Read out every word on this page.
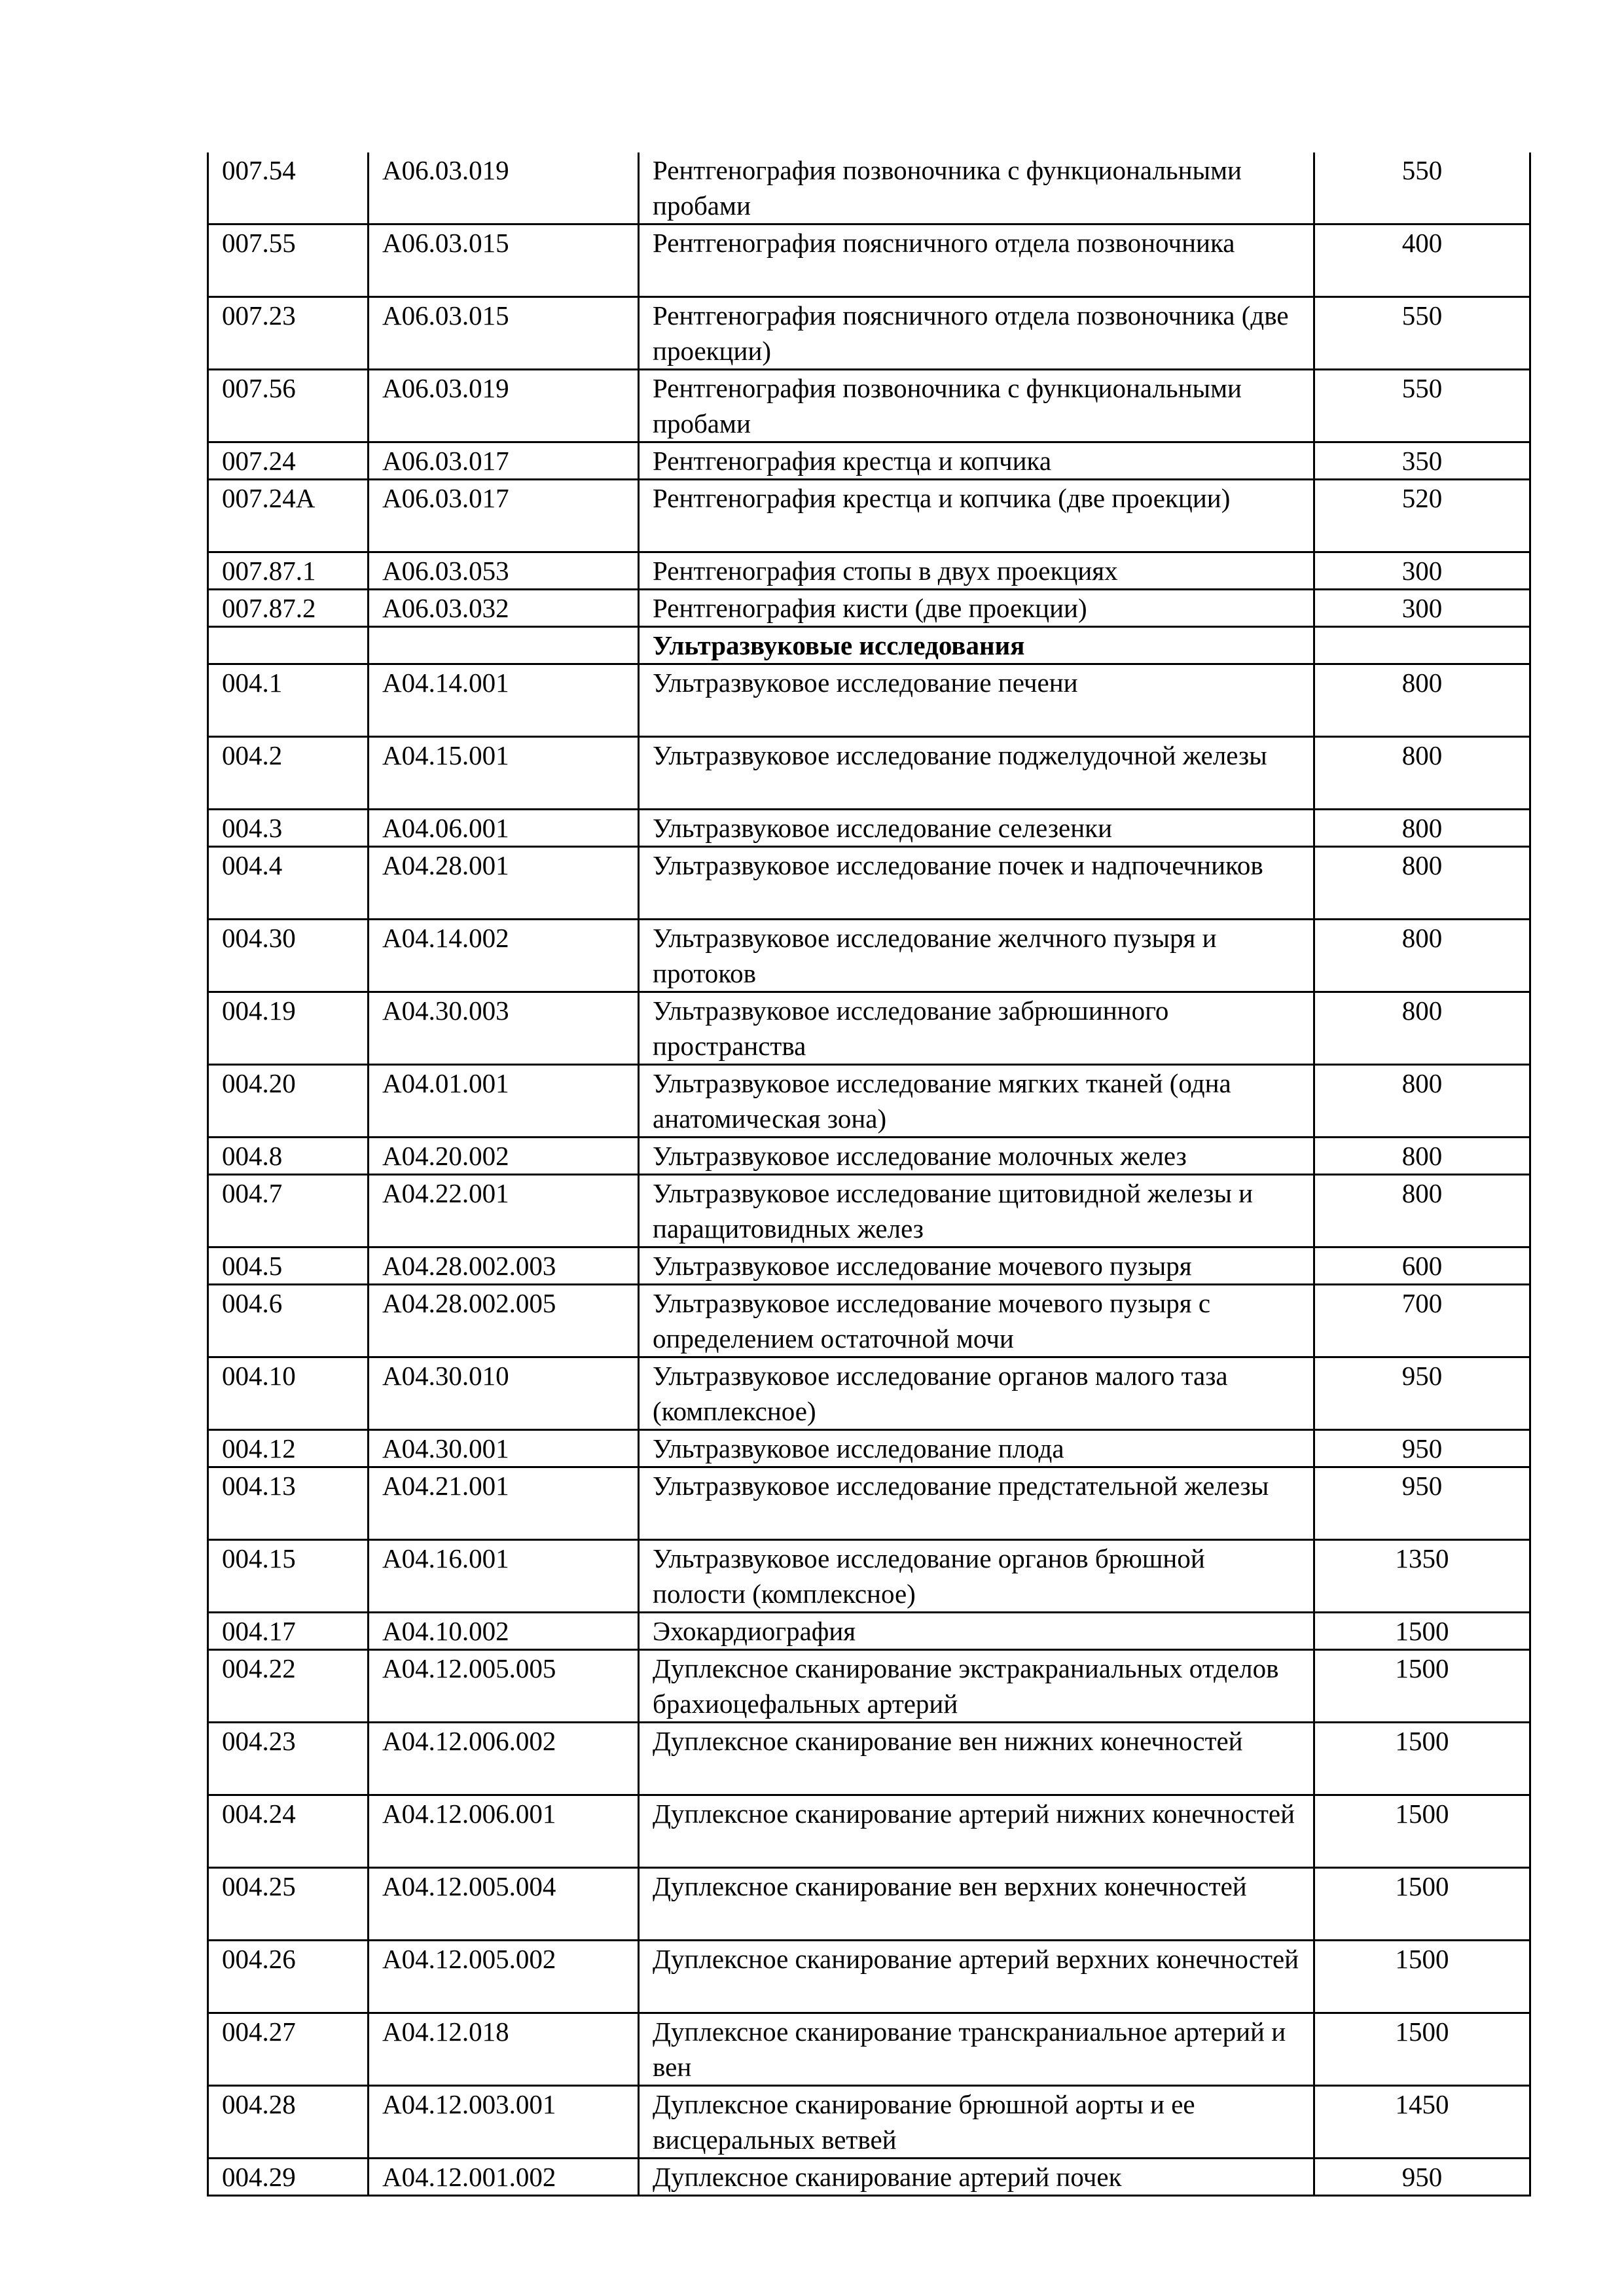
007.54	А06.03.019	Рентгенография позвоночника с функциональными пробами	550
007.55	А06.03.015	Рентгенография поясничного отдела позвоночника	400
007.23	А06.03.015	Рентгенография поясничного отдела позвоночника (две проекции)	550
007.56	А06.03.019	Рентгенография позвоночника с функциональными пробами	550
007.24	А06.03.017	Рентгенография крестца и копчика	350
007.24А	А06.03.017	Рентгенография крестца и копчика (две проекции)	520
007.87.1	А06.03.053	Рентгенография стопы в двух проекциях	300
007.87.2	А06.03.032	Рентгенография кисти (две проекции)	300
		Ультразвуковые исследования	
004.1	А04.14.001	Ультразвуковое исследование печени	800
004.2	А04.15.001	Ультразвуковое исследование поджелудочной железы	800
004.3	А04.06.001	Ультразвуковое исследование селезенки	800
004.4	А04.28.001	Ультразвуковое исследование почек и надпочечников	800
004.30	А04.14.002	Ультразвуковое исследование желчного пузыря и протоков	800
004.19	А04.30.003	Ультразвуковое исследование забрюшинного пространства	800
004.20	А04.01.001	Ультразвуковое исследование мягких тканей (одна анатомическая зона)	800
004.8	А04.20.002	Ультразвуковое исследование молочных желез	800
004.7	А04.22.001	Ультразвуковое исследование щитовидной железы и паращитовидных желез	800
004.5	А04.28.002.003	Ультразвуковое исследование мочевого пузыря	600
004.6	А04.28.002.005	Ультразвуковое исследование мочевого пузыря с определением остаточной мочи	700
004.10	А04.30.010	Ультразвуковое исследование органов малого таза (комплексное)	950
004.12	А04.30.001	Ультразвуковое исследование плода	950
004.13	А04.21.001	Ультразвуковое исследование предстательной железы	950
004.15	А04.16.001	Ультразвуковое исследование органов брюшной полости (комплексное)	1350
004.17	А04.10.002	Эхокардиография	1500
004.22	А04.12.005.005	Дуплексное сканирование экстракраниальных отделов брахиоцефальных артерий	1500
004.23	А04.12.006.002	Дуплексное сканирование вен нижних конечностей	1500
004.24	А04.12.006.001	Дуплексное сканирование артерий нижних конечностей	1500
004.25	А04.12.005.004	Дуплексное сканирование вен верхних конечностей	1500
004.26	А04.12.005.002	Дуплексное сканирование артерий верхних конечностей	1500
004.27	А04.12.018	Дуплексное сканирование транскраниальное артерий и вен	1500
004.28	А04.12.003.001	Дуплексное сканирование брюшной аорты и ее висцеральных ветвей	1450
004.29	А04.12.001.002	Дуплексное сканирование артерий почек	950
